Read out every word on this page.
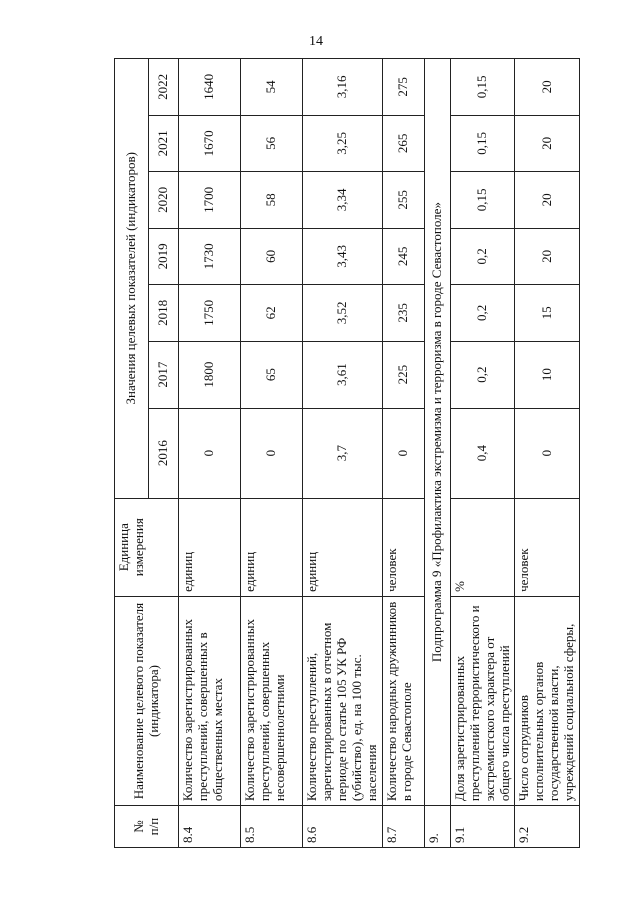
14
№
п/п	Наименование целевого показателя (индикатора)	Единица измерения	Значения целевых показателей (индикаторов)						
			2016	2017	2018	2019	2020	2021	2022
8.4	Количество зарегистрированных преступлений, совершенных в общественных местах	единиц	0	1800	1750	1730	1700	1670	1640
8.5	Количество зарегистрированных преступлений, совершенных несовершеннолетними	единиц	0	65	62	60	58	56	54
8.6	Количество преступлений, зарегистрированных в отчетном периоде по статье 105 УК РФ (убийство), ед. на 100 тыс. населения	единиц	3,7	3,61	3,52	3,43	3,34	3,25	3,16
8.7	Количество народных дружинников в городе Севастополе	человек	0	225	235	245	255	265	275
9.	Подпрограмма 9 «Профилактика экстремизма и терроризма в городе Севастополе»								
9.1	Доля зарегистрированных преступлений террористического и экстремистского характера от общего числа преступлений	%	0,4	0,2	0,2	0,2	0,15	0,15	0,15
9.2	Число сотрудников исполнительных органов государственной власти, учреждений социальной сферы,	человек	0	10	15	20	20	20	20
